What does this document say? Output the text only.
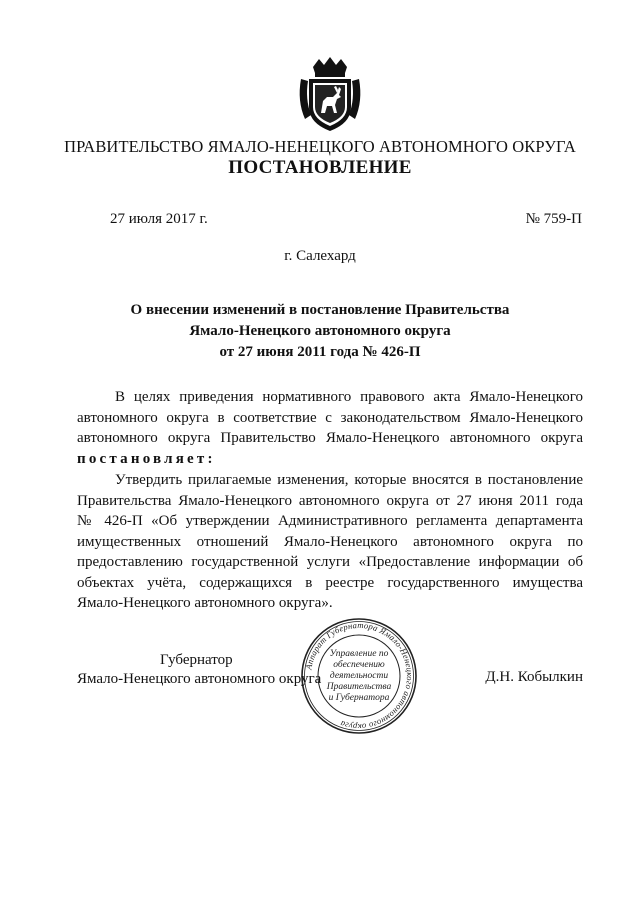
ПРАВИТЕЛЬСТВО ЯМАЛО-НЕНЕЦКОГО АВТОНОМНОГО ОКРУГА
ПОСТАНОВЛЕНИЕ
27 июля 2017 г.	№ 759-П
г. Салехард
О внесении изменений в постановление Правительства
Ямало-Ненецкого автономного округа
от 27 июня 2011 года № 426-П
В целях приведения нормативного правового акта Ямало-Ненецкого
автономного округа в соответствие с законодательством Ямало-Ненецкого
автономного округа Правительство Ямало-Ненецкого автономного округа
постановляет:
Утвердить прилагаемые изменения, которые вносятся в постановление
Правительства Ямало-Ненецкого автономного округа от 27 июня 2011 года
№ 426-П «Об утверждении Административного регламента департамента
имущественных отношений Ямало-Ненецкого автономного округа по
предоставлению государственной услуги «Предоставление информации об
объектах учёта, содержащихся в реестре государственного имущества
Ямало-Ненецкого автономного округа».
Аппарат Губернатора Ямало-Ненецкого автономного округа
Управление по
обеспечению
деятельности
Правительства
и Губернатора
Губернатор
Ямало-Ненецкого автономного округа	Д.Н. Кобылкин
